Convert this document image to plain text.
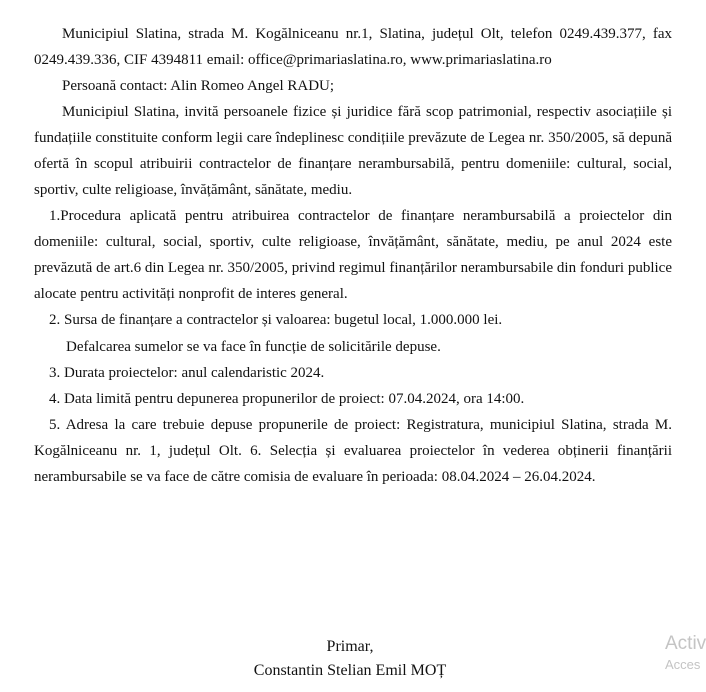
Municipiul Slatina, strada M. Kogălniceanu nr.1, Slatina, județul Olt, telefon 0249.439.377, fax 0249.439.336, CIF 4394811 email: office@primariaslatina.ro, www.primariaslatina.ro

Persoană contact: Alin Romeo Angel RADU;

Municipiul Slatina, invită persoanele fizice și juridice fără scop patrimonial, respectiv asociațiile și fundațiile constituite conform legii care îndeplinesc condițiile prevăzute de Legea nr. 350/2005, să depună ofertă în scopul atribuirii contractelor de finanțare nerambursabilă, pentru domeniile: cultural, social, sportiv, culte religioase, învățământ, sănătate, mediu.

1.Procedura aplicată pentru atribuirea contractelor de finanțare nerambursabilă a proiectelor din domeniile: cultural, social, sportiv, culte religioase, învățământ, sănătate, mediu, pe anul 2024 este prevăzută de art.6 din Legea nr. 350/2005, privind regimul finanțărilor nerambursabile din fonduri publice alocate pentru activități nonprofit de interes general.

2. Sursa de finanțare a contractelor și valoarea: bugetul local, 1.000.000 lei.

Defalcarea sumelor se va face în funcție de solicitările depuse.

3. Durata proiectelor: anul calendaristic 2024.

4. Data limită pentru depunerea propunerilor de proiect: 07.04.2024, ora 14:00.

5. Adresa la care trebuie depuse propunerile de proiect: Registratura, municipiul Slatina, strada M. Kogălniceanu nr. 1, județul Olt. 6. Selecția și evaluarea proiectelor în vederea obținerii finanțării nerambursabile se va face de către comisia de evaluare în perioada: 08.04.2024 – 26.04.2024.

Primar,
Constantin Stelian Emil MOȚ
Activ
Acces
